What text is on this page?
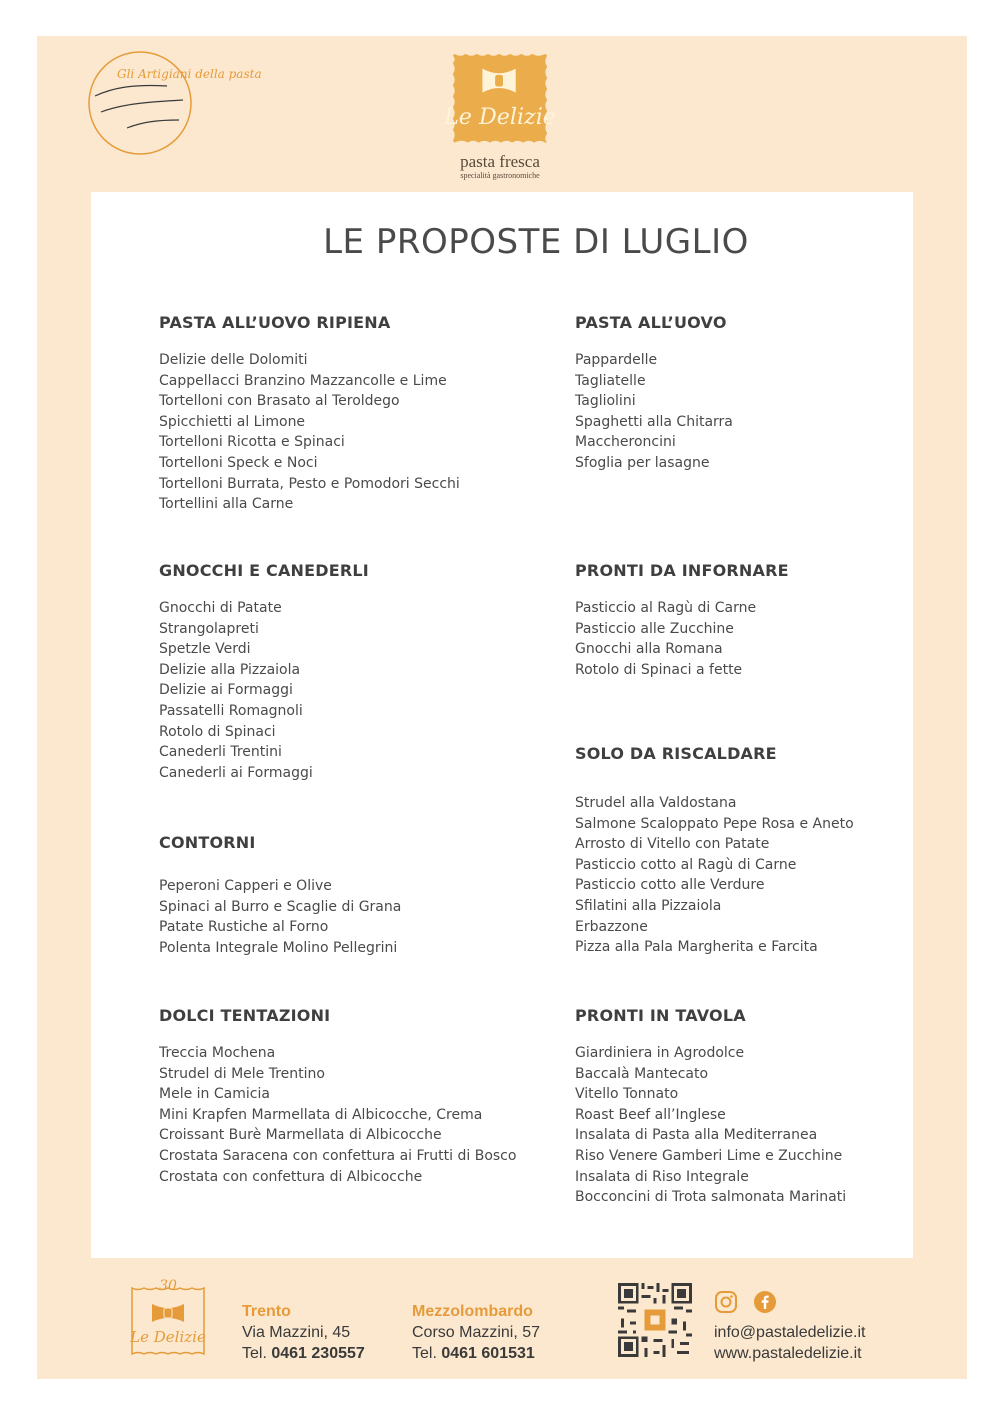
Gli Artigiani della pasta
Le Delizie
pasta fresca
specialità gastronomiche
LE PROPOSTE DI LUGLIO
PASTA ALL’UOVO RIPIENA
Delizie delle Dolomiti
Cappellacci Branzino Mazzancolle e Lime
Tortelloni con Brasato al Teroldego
Spicchietti al Limone
Tortelloni Ricotta e Spinaci
Tortelloni Speck e Noci
Tortelloni Burrata, Pesto e Pomodori Secchi
Tortellini alla Carne
PASTA ALL’UOVO
Pappardelle
Tagliatelle
Tagliolini
Spaghetti alla Chitarra
Maccheroncini
Sfoglia per lasagne
GNOCCHI E CANEDERLI
Gnocchi di Patate
Strangolapreti
Spetzle Verdi
Delizie alla Pizzaiola
Delizie ai Formaggi
Passatelli Romagnoli
Rotolo di Spinaci
Canederli Trentini
Canederli ai Formaggi
PRONTI DA INFORNARE
Pasticcio al Ragù di Carne
Pasticcio alle Zucchine
Gnocchi alla Romana
Rotolo di Spinaci a fette
SOLO DA RISCALDARE
Strudel alla Valdostana
Salmone Scaloppato Pepe Rosa e Aneto
Arrosto di Vitello con Patate
Pasticcio cotto al Ragù di Carne
Pasticcio cotto alle Verdure
Sfilatini alla Pizzaiola
Erbazzone
Pizza alla Pala Margherita e Farcita
CONTORNI
Peperoni Capperi e Olive
Spinaci al Burro e Scaglie di Grana
Patate Rustiche al Forno
Polenta Integrale Molino Pellegrini
DOLCI TENTAZIONI
Treccia Mochena
Strudel di Mele Trentino
Mele in Camicia
Mini Krapfen Marmellata di Albicocche, Crema
Croissant Burè Marmellata di Albicocche
Crostata Saracena con confettura ai Frutti di Bosco
Crostata con confettura di Albicocche
PRONTI IN TAVOLA
Giardiniera in Agrodolce
Baccalà Mantecato
Vitello Tonnato
Roast Beef all’Inglese
Insalata di Pasta alla Mediterranea
Riso Venere Gamberi Lime e Zucchine
Insalata di Riso Integrale
Bocconcini di Trota salmonata Marinati
30
Le Delizie
Trento
Via Mazzini, 45
Tel. 0461 230557
Mezzolombardo
Corso Mazzini, 57
Tel. 0461 601531
info@pastaledelizie.it
www.pastaledelizie.it
